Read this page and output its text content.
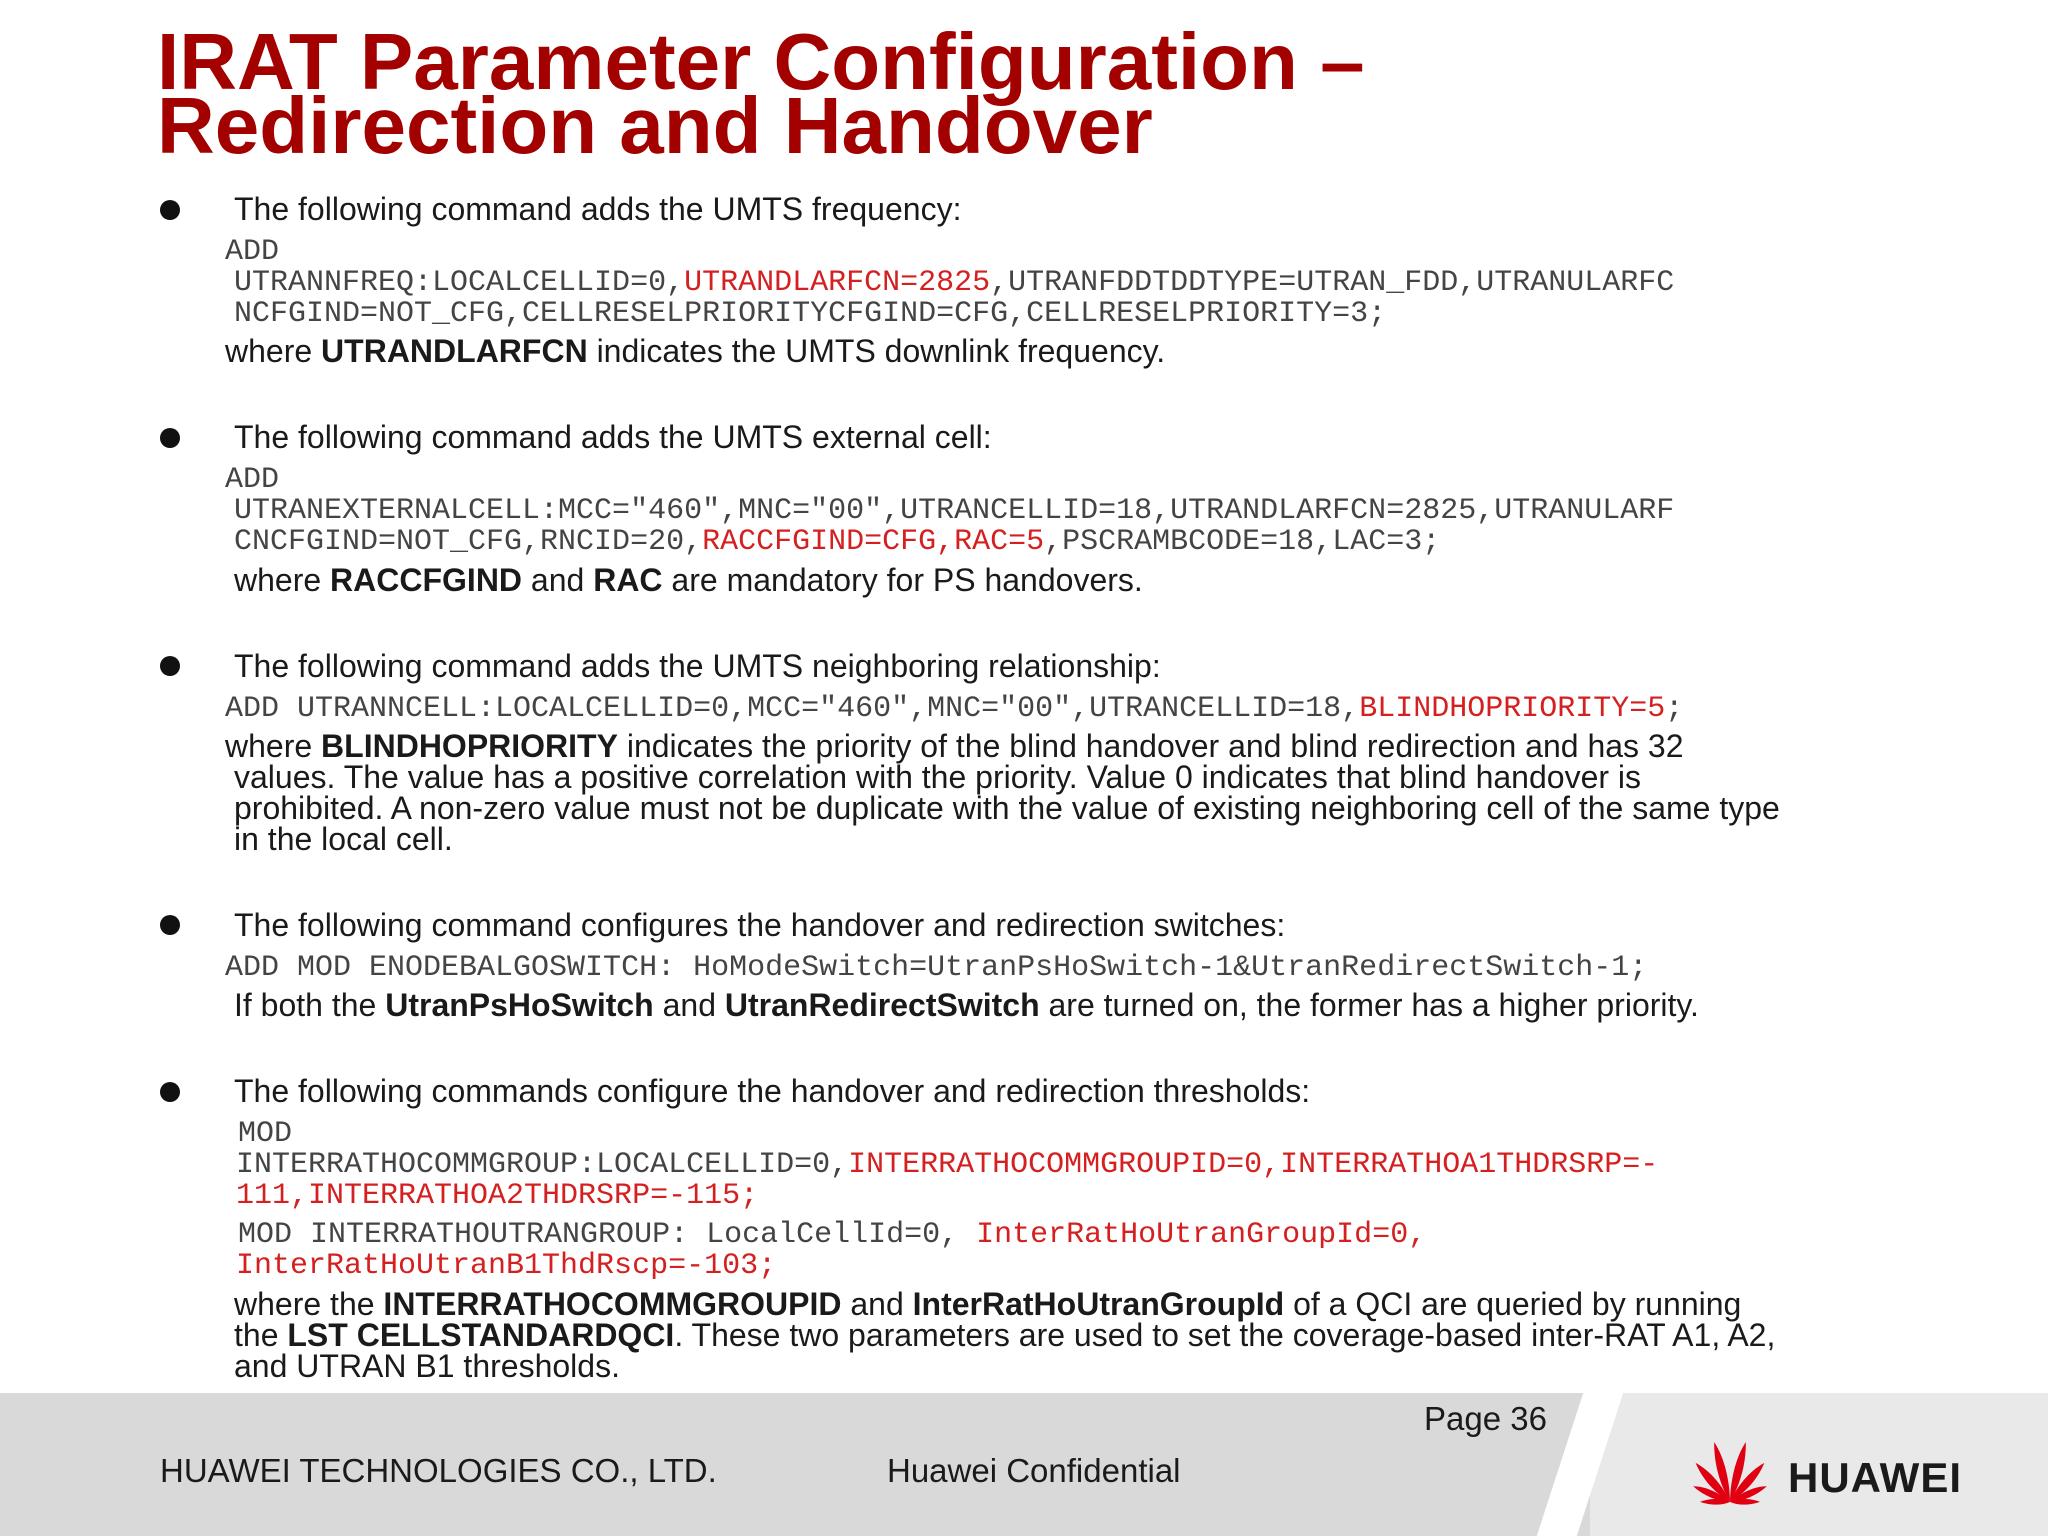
IRAT Parameter Configuration –
Redirection and Handover
The following command adds the UMTS frequency:
ADD
UTRANNFREQ:LOCALCELLID=0,UTRANDLARFCN=2825,UTRANFDDTDDTYPE=UTRAN_FDD,UTRANULARFC
NCFGIND=NOT_CFG,CELLRESELPRIORITYCFGIND=CFG,CELLRESELPRIORITY=3;
where UTRANDLARFCN indicates the UMTS downlink frequency.
The following command adds the UMTS external cell:
ADD
UTRANEXTERNALCELL:MCC="460",MNC="00",UTRANCELLID=18,UTRANDLARFCN=2825,UTRANULARF
CNCFGIND=NOT_CFG,RNCID=20,RACCFGIND=CFG,RAC=5,PSCRAMBCODE=18,LAC=3;
where RACCFGIND and RAC are mandatory for PS handovers.
The following command adds the UMTS neighboring relationship:
ADD UTRANNCELL:LOCALCELLID=0,MCC="460",MNC="00",UTRANCELLID=18,BLINDHOPRIORITY=5;
where BLINDHOPRIORITY indicates the priority of the blind handover and blind redirection and has 32
values. The value has a positive correlation with the priority. Value 0 indicates that blind handover is
prohibited. A non-zero value must not be duplicate with the value of existing neighboring cell of the same type
in the local cell.
The following command configures the handover and redirection switches:
ADD MOD ENODEBALGOSWITCH: HoModeSwitch=UtranPsHoSwitch-1&UtranRedirectSwitch-1;
If both the UtranPsHoSwitch and UtranRedirectSwitch are turned on, the former has a higher priority.
The following commands configure the handover and redirection thresholds:
MOD
INTERRATHOCOMMGROUP:LOCALCELLID=0,INTERRATHOCOMMGROUPID=0,INTERRATHOA1THDRSRP=-
111,INTERRATHOA2THDRSRP=-115;
MOD INTERRATHOUTRANGROUP: LocalCellId=0, InterRatHoUtranGroupId=0,
InterRatHoUtranB1ThdRscp=-103;
where the INTERRATHOCOMMGROUPID and InterRatHoUtranGroupId of a QCI are queried by running
the LST CELLSTANDARDQCI. These two parameters are used to set the coverage-based inter-RAT A1, A2,
and UTRAN B1 thresholds.
Page 36
HUAWEI TECHNOLOGIES CO., LTD.	Huawei Confidential	HUAWEI
